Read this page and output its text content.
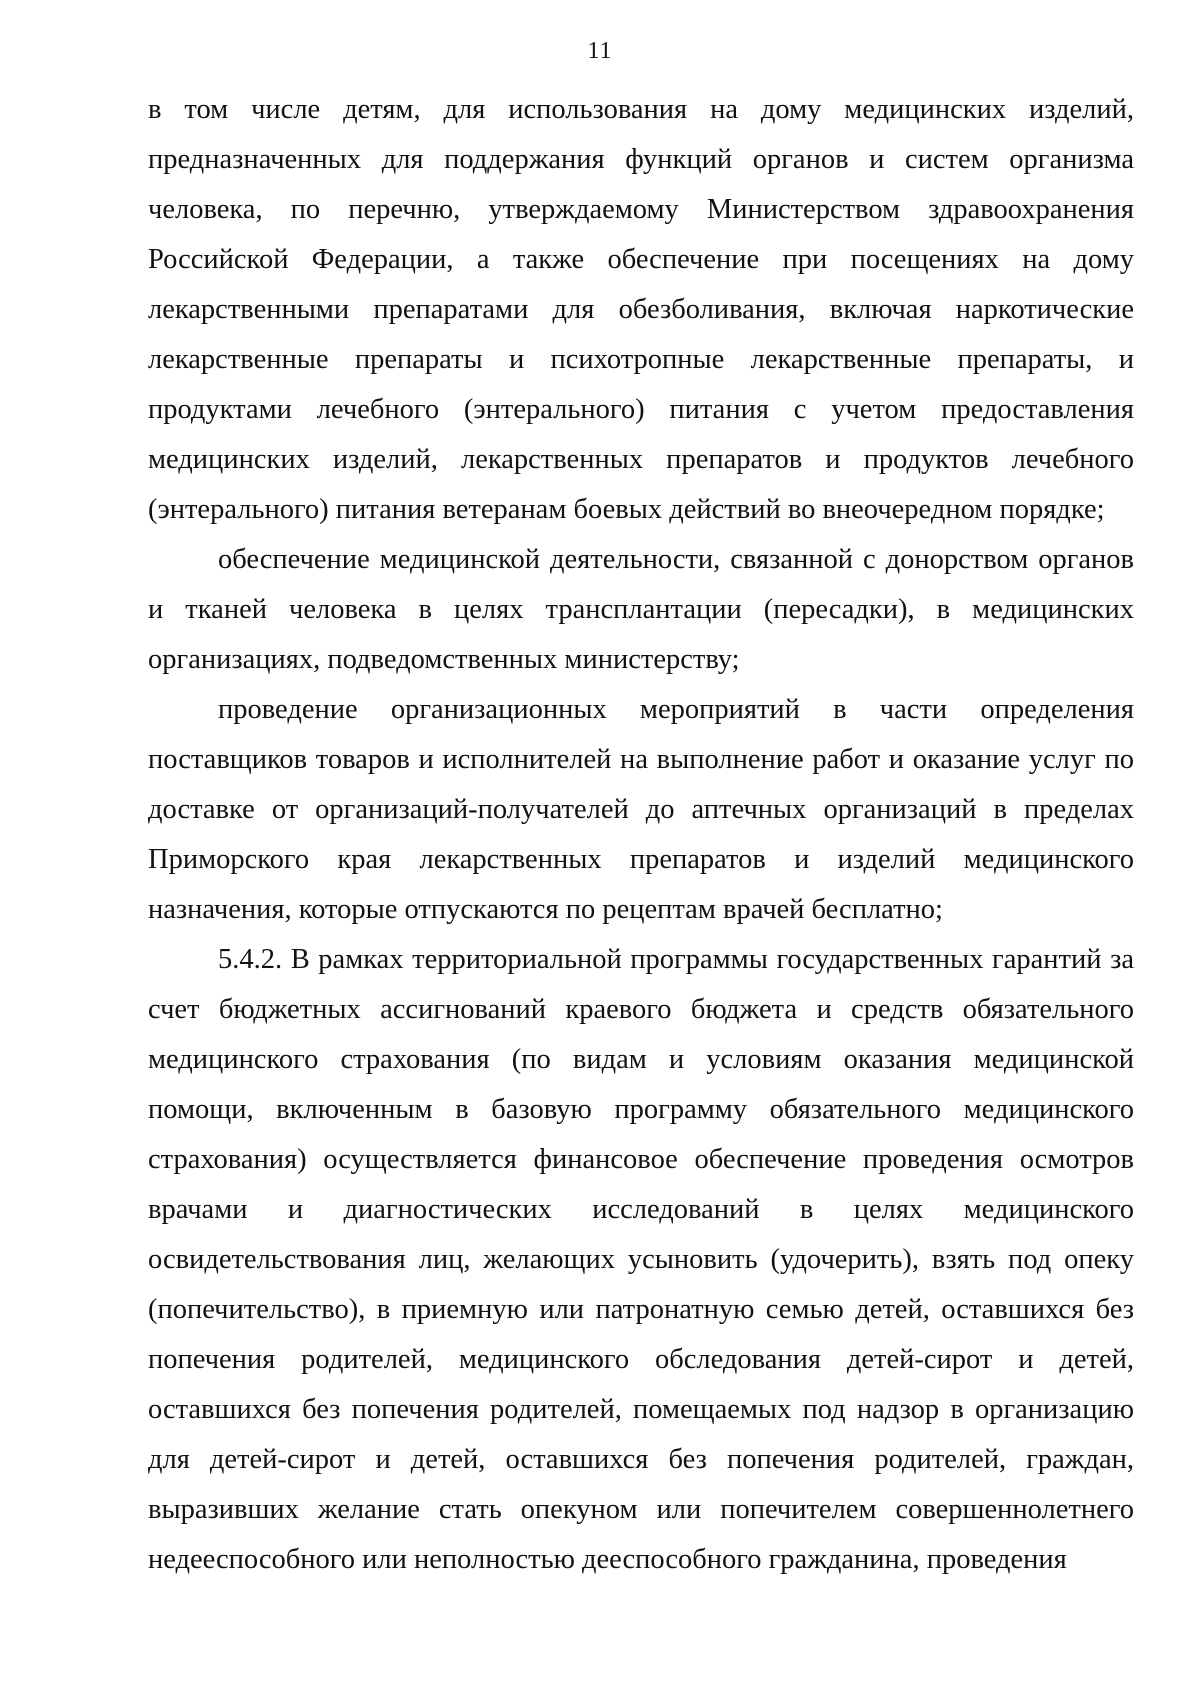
11

в том числе детям, для использования на дому медицинских изделий, предназначенных для поддержания функций органов и систем организма человека, по перечню, утверждаемому Министерством здравоохранения Российской Федерации, а также обеспечение при посещениях на дому лекарственными препаратами для обезболивания, включая наркотические лекарственные препараты и психотропные лекарственные препараты, и продуктами лечебного (энтерального) питания с учетом предоставления медицинских изделий, лекарственных препаратов и продуктов лечебного (энтерального) питания ветеранам боевых действий во внеочередном порядке;

обеспечение медицинской деятельности, связанной с донорством органов и тканей человека в целях трансплантации (пересадки), в медицинских организациях, подведомственных министерству;

проведение организационных мероприятий в части определения поставщиков товаров и исполнителей на выполнение работ и оказание услуг по доставке от организаций-получателей до аптечных организаций в пределах Приморского края лекарственных препаратов и изделий медицинского назначения, которые отпускаются по рецептам врачей бесплатно;

5.4.2. В рамках территориальной программы государственных гарантий за счет бюджетных ассигнований краевого бюджета и средств обязательного медицинского страхования (по видам и условиям оказания медицинской помощи, включенным в базовую программу обязательного медицинского страхования) осуществляется финансовое обеспечение проведения осмотров врачами и диагностических исследований в целях медицинского освидетельствования лиц, желающих усыновить (удочерить), взять под опеку (попечительство), в приемную или патронатную семью детей, оставшихся без попечения родителей, медицинского обследования детей-сирот и детей, оставшихся без попечения родителей, помещаемых под надзор в организацию для детей-сирот и детей, оставшихся без попечения родителей, граждан, выразивших желание стать опекуном или попечителем совершеннолетнего недееспособного или неполностью дееспособного гражданина, проведения
